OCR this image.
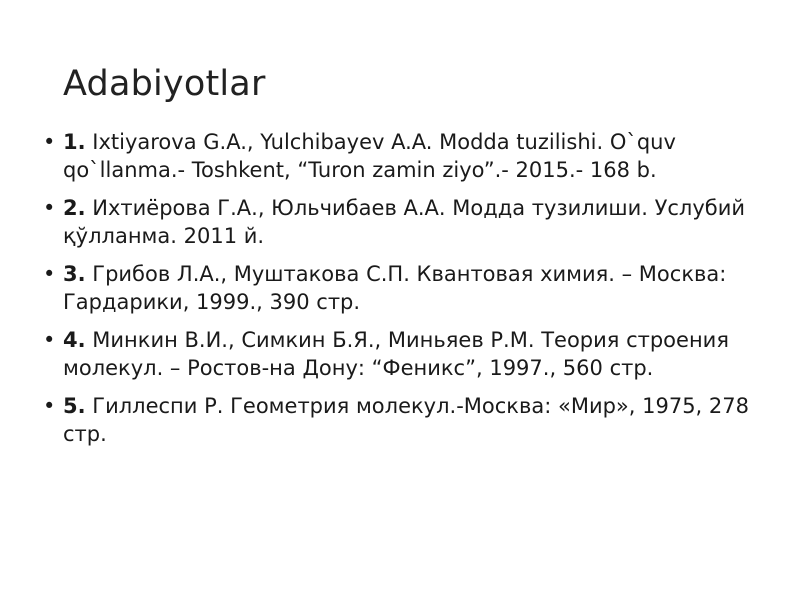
Adabiyotlar
• 1. Ixtiyarova G.A., Yulchibayev A.A. Modda tuzilishi. O`quv qo`llanma.- Toshkent, “Turon zamin ziyo”.- 2015.- 168 b.
• 2. Ихтиёрова Г.А., Юльчибаев А.А. Модда тузилиши. Услубий қўлланма. 2011 й.
• 3. Грибов Л.А., Муштакова С.П. Квантовая химия. – Москва: Гардарики, 1999., 390 стр.
• 4. Минкин В.И., Симкин Б.Я., Миньяев Р.М. Теория строения молекул. – Ростов-на Дону: “Феникс”, 1997., 560 стр.
• 5. Гиллеспи Р. Геометрия молекул.-Москва: «Мир», 1975, 278 стр.
